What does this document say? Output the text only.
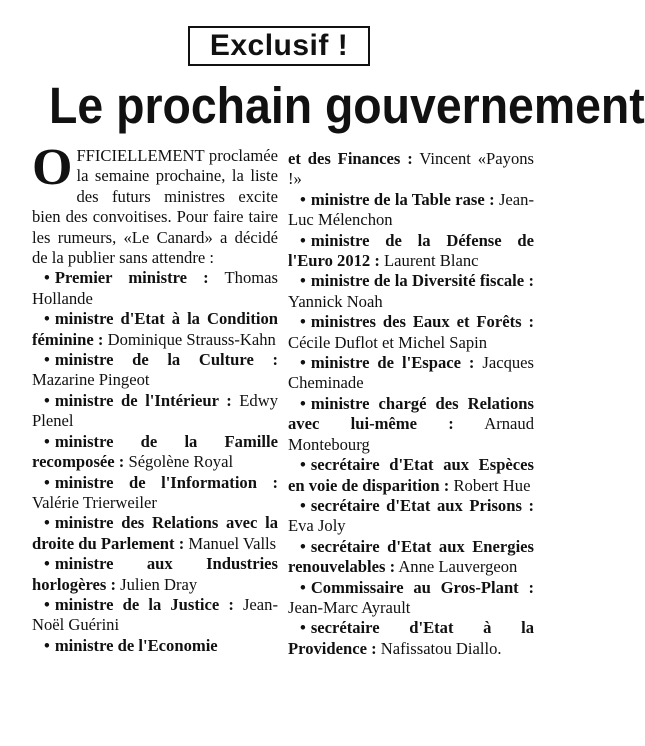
Exclusif !
Le prochain gouvernement

OFFICIELLEMENT proclamée la semaine prochaine, la liste des futurs ministres excite bien des convoitises. Pour faire taire les rumeurs, «Le Canard» a décidé de la publier sans attendre :

• Premier ministre : Thomas Hollande

• ministre d'Etat à la Condition féminine : Dominique Strauss-Kahn

• ministre de la Culture : Mazarine Pingeot

• ministre de l'Intérieur : Edwy Plenel

• ministre de la Famille recomposée : Ségolène Royal

• ministre de l'Information : Valérie Trierweiler

• ministre des Relations avec la droite du Parlement : Manuel Valls

• ministre aux Industries horlogères : Julien Dray

• ministre de la Justice : Jean-Noël Guérini

• ministre de l'Economie

et des Finances : Vincent «Payons !»

• ministre de la Table rase : Jean-Luc Mélenchon

• ministre de la Défense de l'Euro 2012 : Laurent Blanc

• ministre de la Diversité fiscale : Yannick Noah

• ministres des Eaux et Forêts : Cécile Duflot et Michel Sapin

• ministre de l'Espace : Jacques Cheminade

• ministre chargé des Relations avec lui-même : Arnaud Montebourg

• secrétaire d'Etat aux Espèces en voie de disparition : Robert Hue

• secrétaire d'Etat aux Prisons : Eva Joly

• secrétaire d'Etat aux Energies renouvelables : Anne Lauvergeon

• Commissaire au Gros-Plant : Jean-Marc Ayrault

• secrétaire d'Etat à la Providence : Nafissatou Diallo.
